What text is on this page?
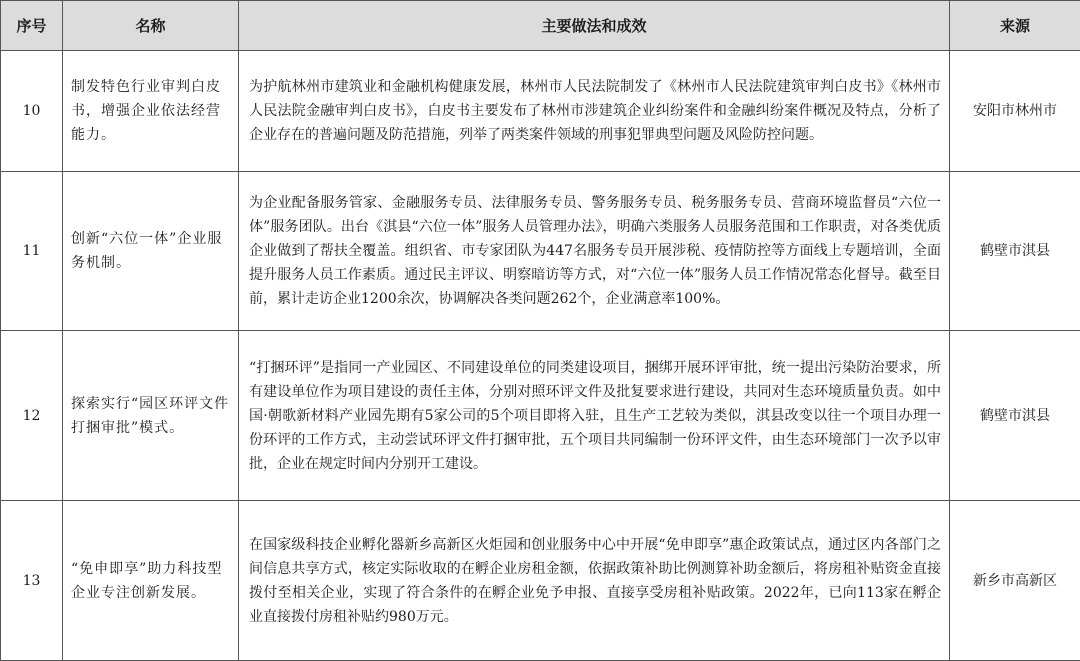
序号	名称	主要做法和成效	来源
10	制发特色行业审判白皮书，增强企业依法经营能力。	为护航林州市建筑业和金融机构健康发展，林州市人民法院制发了《林州市人民法院建筑审判白皮书》《林州市人民法院金融审判白皮书》，白皮书主要发布了林州市涉建筑企业纠纷案件和金融纠纷案件概况及特点，分析了企业存在的普遍问题及防范措施，列举了两类案件领域的刑事犯罪典型问题及风险防控问题。	安阳市林州市
11	创新“六位一体”企业服务机制。	为企业配备服务管家、金融服务专员、法律服务专员、警务服务专员、税务服务专员、营商环境监督员“六位一体”服务团队。出台《淇县“六位一体”服务人员管理办法》，明确六类服务人员服务范围和工作职责，对各类优质企业做到了帮扶全覆盖。组织省、市专家团队为447名服务专员开展涉税、疫情防控等方面线上专题培训，全面提升服务人员工作素质。通过民主评议、明察暗访等方式，对“六位一体”服务人员工作情况常态化督导。截至目前，累计走访企业1200余次，协调解决各类问题262个，企业满意率100%。	鹤壁市淇县
12	探索实行“园区环评文件打捆审批”模式。	“打捆环评”是指同一产业园区、不同建设单位的同类建设项目，捆绑开展环评审批，统一提出污染防治要求，所有建设单位作为项目建设的责任主体，分别对照环评文件及批复要求进行建设，共同对生态环境质量负责。如中国·朝歌新材料产业园先期有5家公司的5个项目即将入驻，且生产工艺较为类似，淇县改变以往一个项目办理一份环评的工作方式，主动尝试环评文件打捆审批，五个项目共同编制一份环评文件，由生态环境部门一次予以审批，企业在规定时间内分别开工建设。	鹤壁市淇县
13	“免申即享”助力科技型企业专注创新发展。	在国家级科技企业孵化器新乡高新区火炬园和创业服务中心中开展“免申即享”惠企政策试点，通过区内各部门之间信息共享方式，核定实际收取的在孵企业房租金额，依据政策补助比例测算补助金额后，将房租补贴资金直接拨付至相关企业，实现了符合条件的在孵企业免予申报、直接享受房租补贴政策。2022年，已向113家在孵企业直接拨付房租补贴约980万元。	新乡市高新区
